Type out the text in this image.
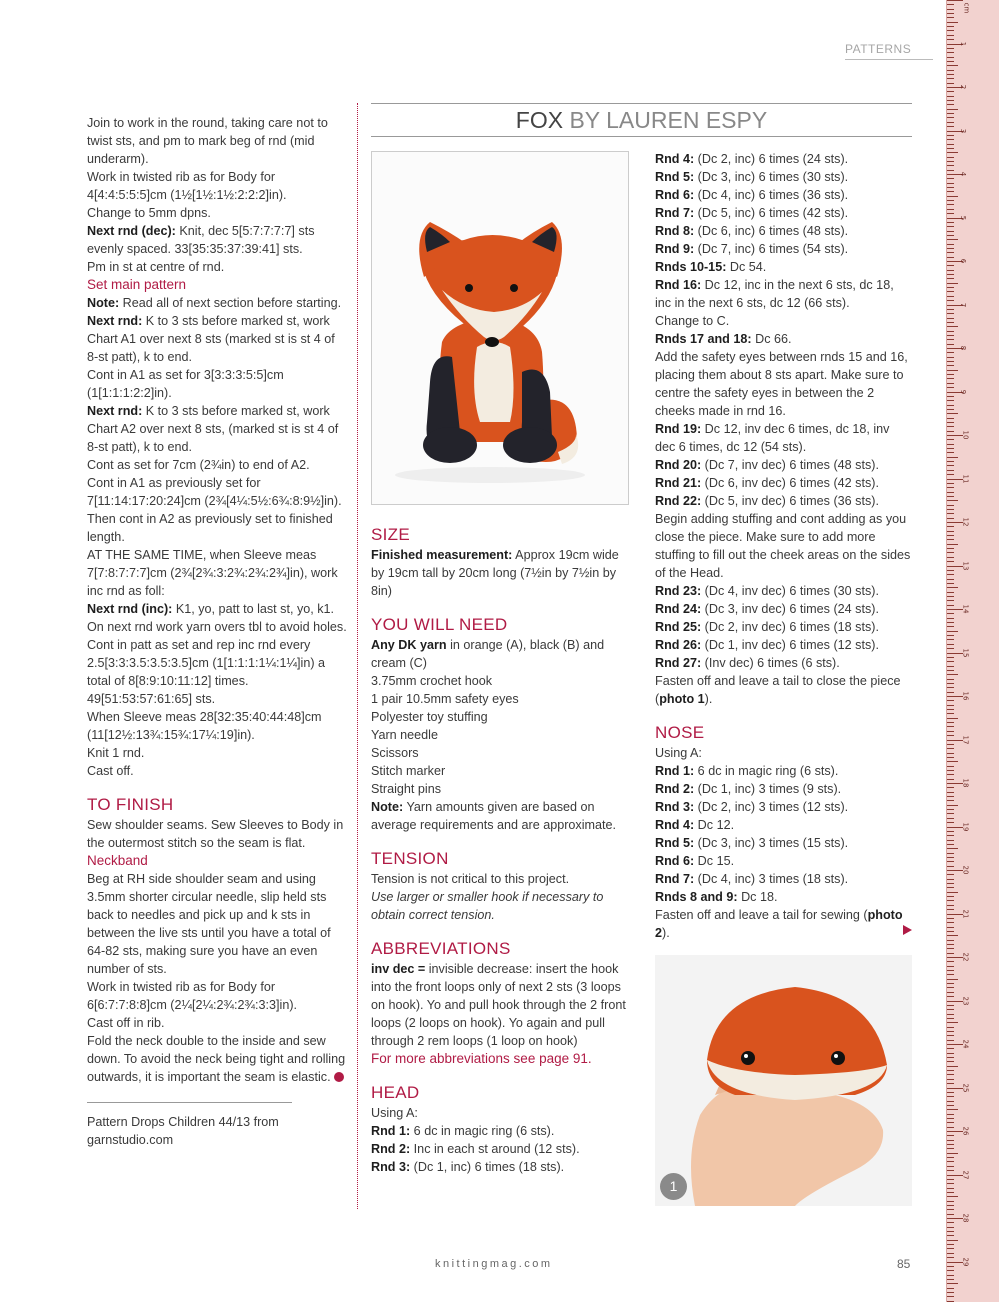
PATTERNS
FOX BY LAUREN ESPY

Join to work in the round, taking care not to twist sts, and pm to mark beg of rnd (mid underarm).

Work in twisted rib as for Body for 4[4:4:5:5:5]cm (1½[1½:1½:2:2:2]in).

Change to 5mm dpns.

Next rnd (dec): Knit, dec 5[5:7:7:7:7] sts evenly spaced. 33[35:35:37:39:41] sts.

Pm in st at centre of rnd.

Set main pattern

Note: Read all of next section before starting.

Next rnd: K to 3 sts before marked st, work Chart A1 over next 8 sts (marked st is st 4 of 8-st patt), k to end.

Cont in A1 as set for 3[3:3:3:5:5]cm (1[1:1:1:2:2]in).

Next rnd: K to 3 sts before marked st, work Chart A2 over next 8 sts, (marked st is st 4 of 8-st patt), k to end.

Cont as set for 7cm (2¾in) to end of A2.

Cont in A1 as previously set for 7[11:14:17:20:24]cm (2¾[4¼:5½:6¾:8:9½]in).

Then cont in A2 as previously set to finished length.

AT THE SAME TIME, when Sleeve meas 7[7:8:7:7:7]cm (2¾[2¾:3:2¾:2¾:2¾]in), work inc rnd as foll:

Next rnd (inc): K1, yo, patt to last st, yo, k1.

On next rnd work yarn overs tbl to avoid holes.

Cont in patt as set and rep inc rnd every 2.5[3:3:3.5:3.5:3.5]cm (1[1:1:1:1¼:1¼]in) a total of 8[8:9:10:11:12] times. 49[51:53:57:61:65] sts.

When Sleeve meas 28[32:35:40:44:48]cm (11[12½:13¾:15¾:17¼:19]in).

Knit 1 rnd.

Cast off.

TO FINISH

Sew shoulder seams. Sew Sleeves to Body in the outermost stitch so the seam is flat.

Neckband

Beg at RH side shoulder seam and using 3.5mm shorter circular needle, slip held sts back to needles and pick up and k sts in between the live sts until you have a total of 64-82 sts, making sure you have an even number of sts.

Work in twisted rib as for Body for 6[6:7:7:8:8]cm (2¼[2¼:2¾:2¾:3:3]in).

Cast off in rib.

Fold the neck double to the inside and sew down. To avoid the neck being tight and rolling outwards, it is important the seam is elastic.

Pattern Drops Children 44/13 from garnstudio.com

SIZE

Finished measurement: Approx 19cm wide by 19cm tall by 20cm long (7½in by 7½in by 8in)

YOU WILL NEED

Any DK yarn in orange (A), black (B) and cream (C)

3.75mm crochet hook

1 pair 10.5mm safety eyes

Polyester toy stuffing

Yarn needle

Scissors

Stitch marker

Straight pins

Note: Yarn amounts given are based on average requirements and are approximate.

TENSION

Tension is not critical to this project.

Use larger or smaller hook if necessary to obtain correct tension.

ABBREVIATIONS

inv dec = invisible decrease: insert the hook into the front loops only of next 2 sts (3 loops on hook). Yo and pull hook through the 2 front loops (2 loops on hook). Yo again and pull through 2 rem loops (1 loop on hook)

For more abbreviations see page 91.

HEAD

Using A:

Rnd 1: 6 dc in magic ring (6 sts).

Rnd 2: Inc in each st around (12 sts).

Rnd 3: (Dc 1, inc) 6 times (18 sts).

Rnd 4: (Dc 2, inc) 6 times (24 sts).

Rnd 5: (Dc 3, inc) 6 times (30 sts).

Rnd 6: (Dc 4, inc) 6 times (36 sts).

Rnd 7: (Dc 5, inc) 6 times (42 sts).

Rnd 8: (Dc 6, inc) 6 times (48 sts).

Rnd 9: (Dc 7, inc) 6 times (54 sts).

Rnds 10-15: Dc 54.

Rnd 16: Dc 12, inc in the next 6 sts, dc 18, inc in the next 6 sts, dc 12 (66 sts).

Change to C.

Rnds 17 and 18: Dc 66.

Add the safety eyes between rnds 15 and 16, placing them about 8 sts apart. Make sure to centre the safety eyes in between the 2 cheeks made in rnd 16.

Rnd 19: Dc 12, inv dec 6 times, dc 18, inv dec 6 times, dc 12 (54 sts).

Rnd 20: (Dc 7, inv dec) 6 times (48 sts).

Rnd 21: (Dc 6, inv dec) 6 times (42 sts).

Rnd 22: (Dc 5, inv dec) 6 times (36 sts).

Begin adding stuffing and cont adding as you close the piece. Make sure to add more stuffing to fill out the cheek areas on the sides of the Head.

Rnd 23: (Dc 4, inv dec) 6 times (30 sts).

Rnd 24: (Dc 3, inv dec) 6 times (24 sts).

Rnd 25: (Dc 2, inv dec) 6 times (18 sts).

Rnd 26: (Dc 1, inv dec) 6 times (12 sts).

Rnd 27: (Inv dec) 6 times (6 sts).

Fasten off and leave a tail to close the piece (photo 1).

NOSE

Using A:

Rnd 1: 6 dc in magic ring (6 sts).

Rnd 2: (Dc 1, inc) 3 times (9 sts).

Rnd 3: (Dc 2, inc) 3 times (12 sts).

Rnd 4: Dc 12.

Rnd 5: (Dc 3, inc) 3 times (15 sts).

Rnd 6: Dc 15.

Rnd 7: (Dc 4, inc) 3 times (18 sts).

Rnds 8 and 9: Dc 18.

Fasten off and leave a tail for sewing (photo 2).

1
knittingmag.com	85
cm
1
2
3
4
5
6
7
8
9
10
11
12
13
14
15
16
17
18
19
20
21
22
23
24
25
26
27
28
29
